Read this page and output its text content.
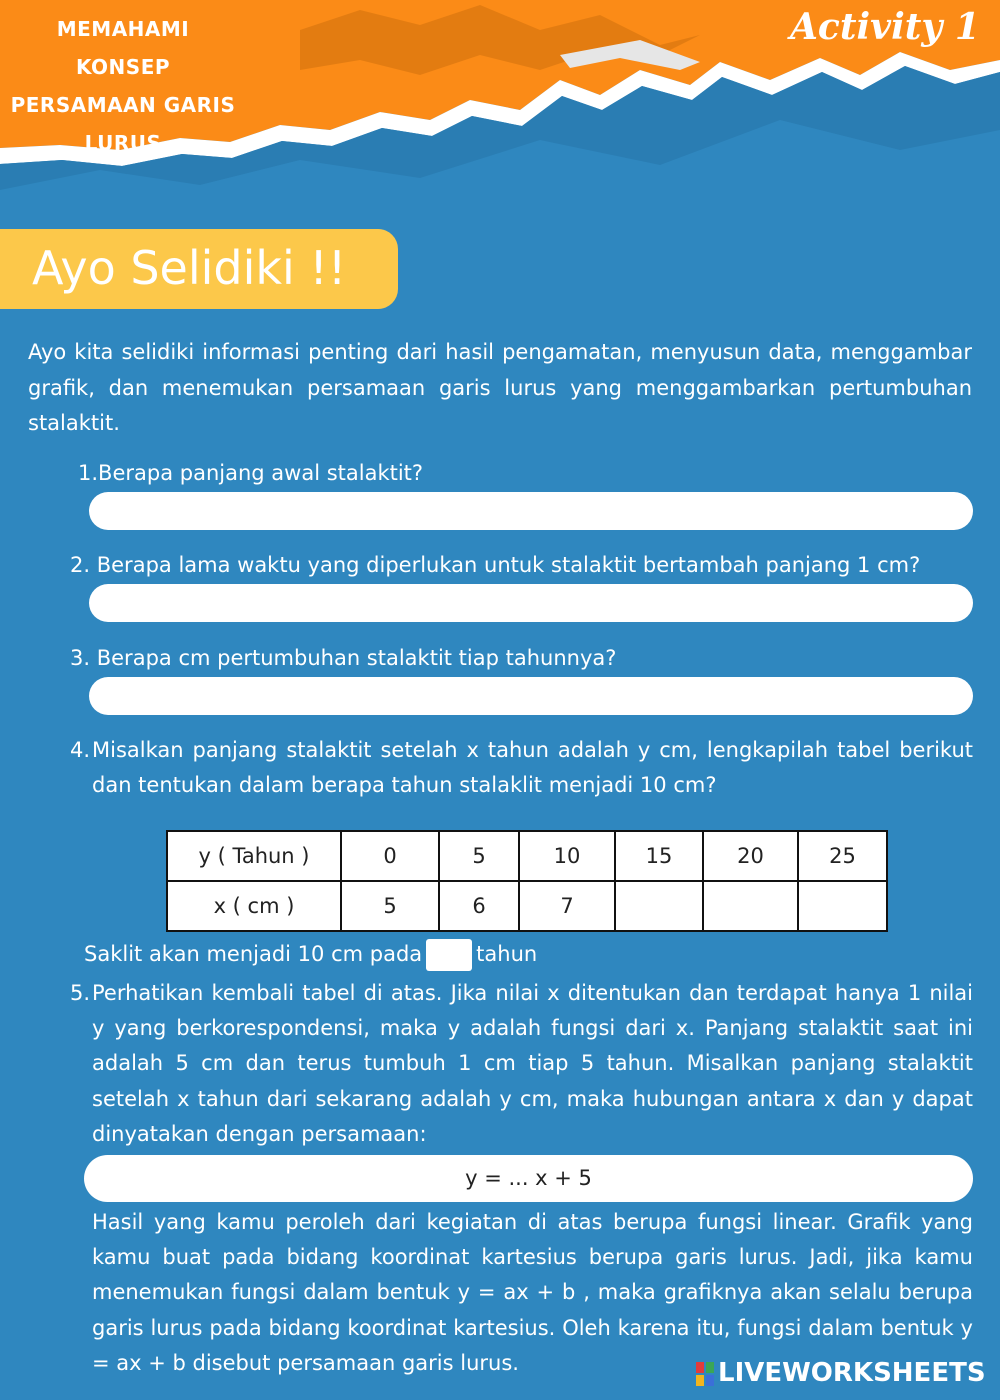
MEMAHAMI KONSEP
PERSAMAAN GARIS
LURUS
Activity 1
Ayo Selidiki !!
Ayo kita selidiki informasi penting dari hasil pengamatan, menyusun data, menggambar grafik, dan menemukan persamaan garis lurus yang menggambarkan pertumbuhan stalaktit.
1.Berapa panjang awal stalaktit?
2. Berapa lama waktu yang diperlukan untuk stalaktit bertambah panjang 1 cm?
3. Berapa cm pertumbuhan stalaktit tiap tahunnya?
4. Misalkan panjang stalaktit setelah x tahun adalah y cm, lengkapilah tabel berikut dan tentukan dalam berapa tahun stalaklit menjadi 10 cm?
y ( Tahun )	0	5	10	15	20	25
x ( cm )	5	6	7			
Saklit akan menjadi 10 cm pada	tahun
5. Perhatikan kembali tabel di atas. Jika nilai x ditentukan dan terdapat hanya 1 nilai y yang berkorespondensi, maka y adalah fungsi dari x. Panjang stalaktit saat ini adalah 5 cm dan terus tumbuh 1 cm tiap 5 tahun. Misalkan panjang stalaktit setelah x tahun dari sekarang adalah y cm, maka hubungan antara x dan y dapat dinyatakan dengan persamaan:
y = ... x + 5
Hasil yang kamu peroleh dari kegiatan di atas berupa fungsi linear. Grafik yang kamu buat pada bidang koordinat kartesius berupa garis lurus. Jadi, jika kamu menemukan fungsi dalam bentuk y = ax + b , maka grafiknya akan selalu berupa garis lurus pada bidang koordinat kartesius. Oleh karena itu, fungsi dalam bentuk y = ax + b disebut persamaan garis lurus.	LIVEWORKSHEETS
